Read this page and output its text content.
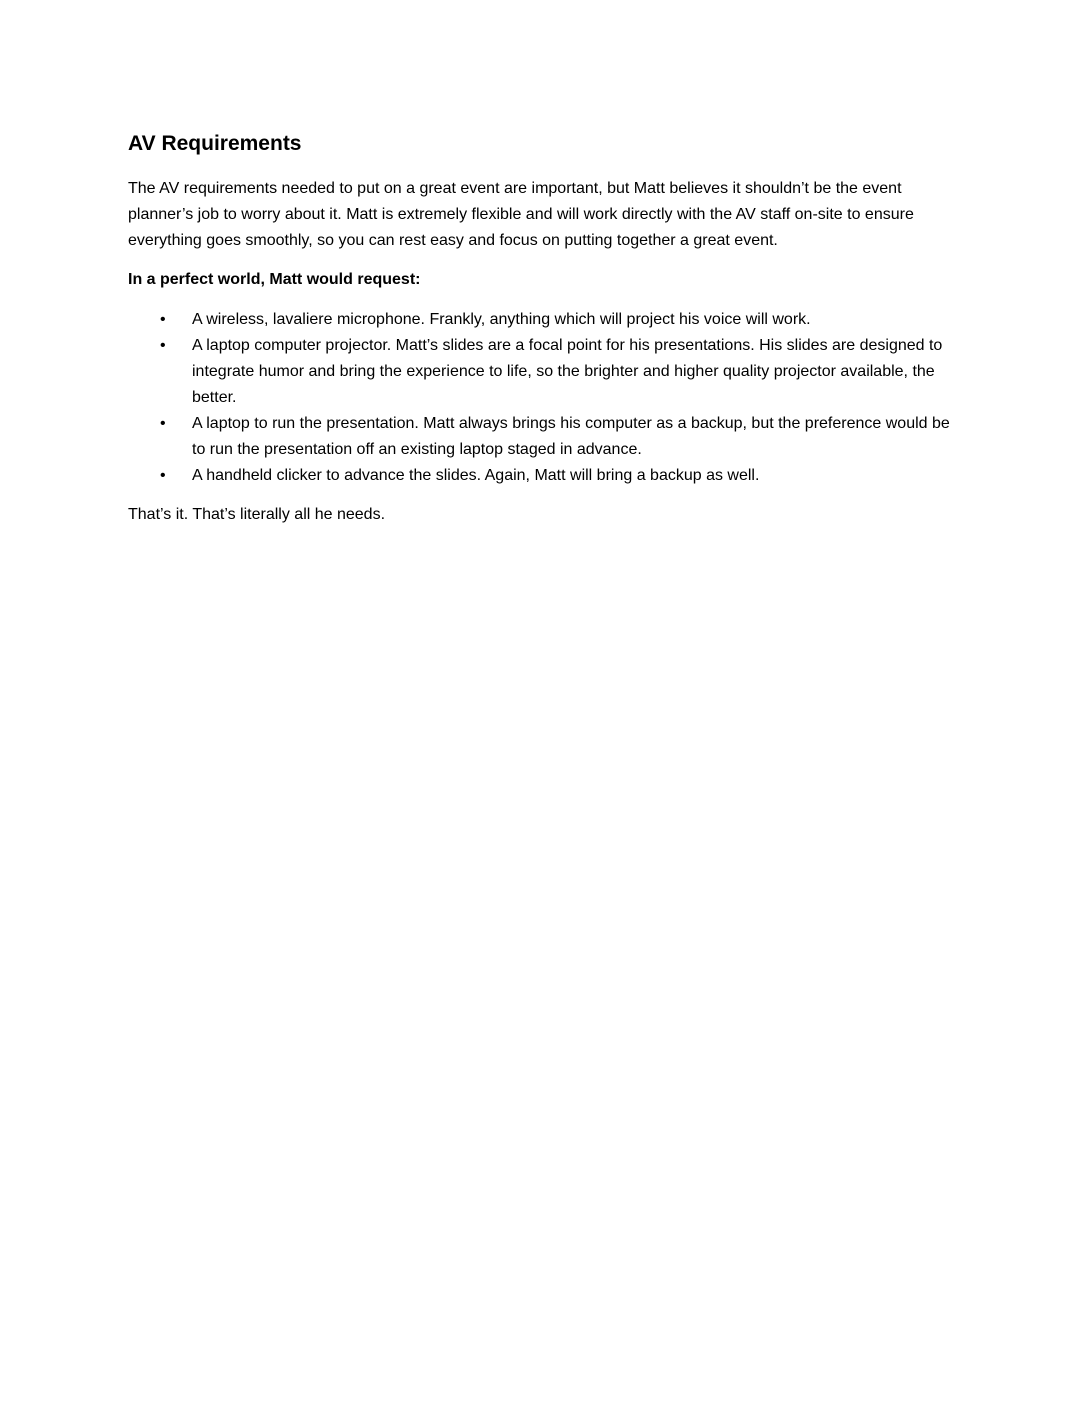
AV Requirements

The AV requirements needed to put on a great event are important, but Matt believes it shouldn’t be the event planner’s job to worry about it. Matt is extremely flexible and will work directly with the AV staff on-site to ensure everything goes smoothly, so you can rest easy and focus on putting together a great event.

In a perfect world, Matt would request:

• A wireless, lavaliere microphone. Frankly, anything which will project his voice will work.
• A laptop computer projector. Matt’s slides are a focal point for his presentations. His slides are designed to integrate humor and bring the experience to life, so the brighter and higher quality projector available, the better.
• A laptop to run the presentation. Matt always brings his computer as a backup, but the preference would be to run the presentation off an existing laptop staged in advance.
• A handheld clicker to advance the slides. Again, Matt will bring a backup as well.

That’s it. That’s literally all he needs.
